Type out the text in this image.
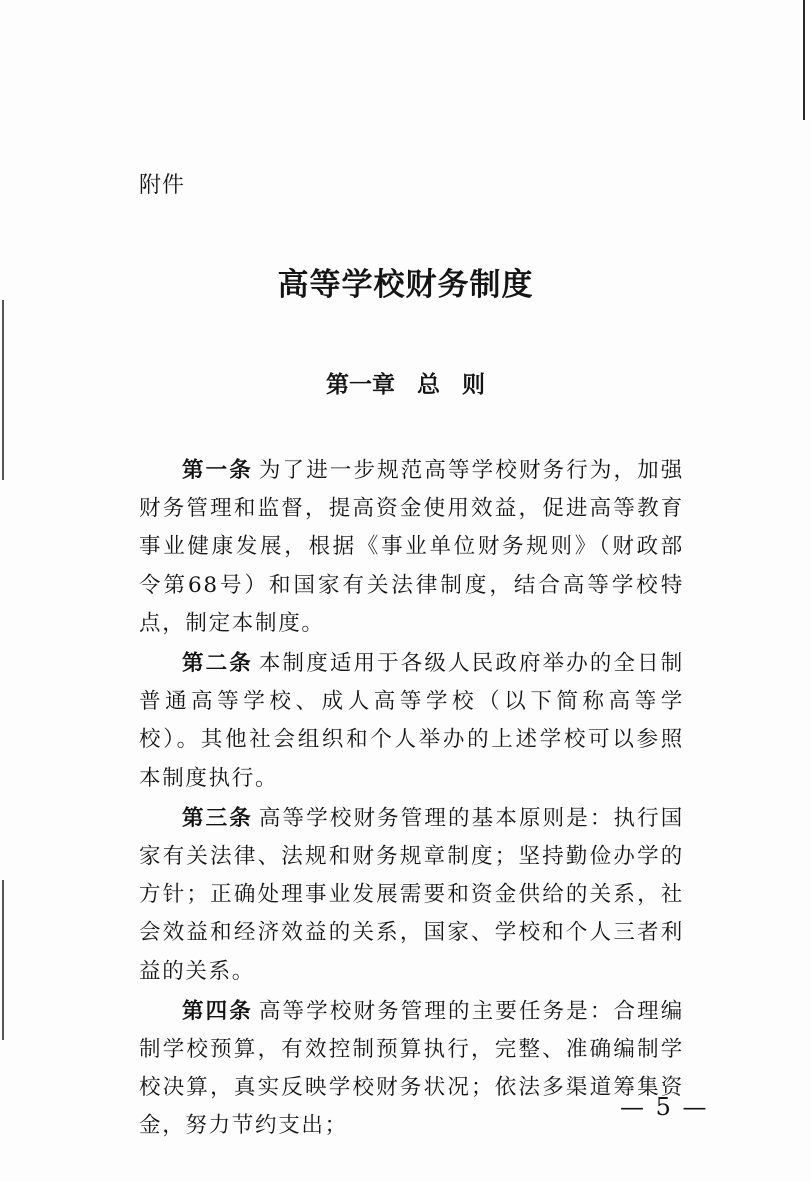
附件
高等学校财务制度
第一章 总 则

第一条 为了进一步规范高等学校财务行为，加强财务管理和监督，提高资金使用效益，促进高等教育事业健康发展，根据《事业单位财务规则》（财政部令第68号）和国家有关法律制度，结合高等学校特点，制定本制度。

第二条 本制度适用于各级人民政府举办的全日制普通高等学校、成人高等学校（以下简称高等学校）。其他社会组织和个人举办的上述学校可以参照本制度执行。

第三条 高等学校财务管理的基本原则是：执行国家有关法律、法规和财务规章制度；坚持勤俭办学的方针；正确处理事业发展需要和资金供给的关系，社会效益和经济效益的关系，国家、学校和个人三者利益的关系。

第四条 高等学校财务管理的主要任务是：合理编制学校预算，有效控制预算执行，完整、准确编制学校决算，真实反映学校财务状况；依法多渠道筹集资金，努力节约支出；

— 5 —
